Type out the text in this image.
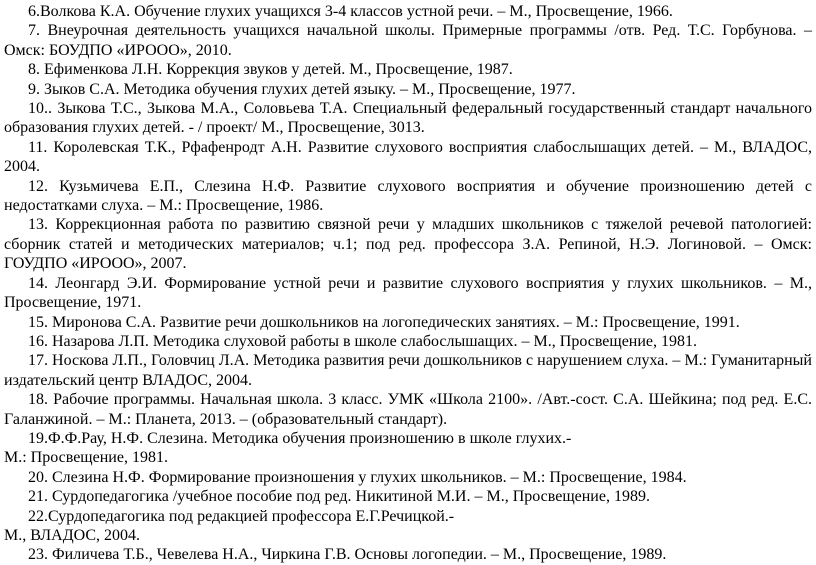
6.Волкова К.А. Обучение глухих учащихся 3-4 классов устной речи. – М., Просвещение, 1966.

7. Внеурочная деятельность учащихся начальной школы. Примерные программы /отв. Ред. Т.С. Горбунова. – Омск: БОУДПО «ИРООО», 2010.

8. Ефименкова Л.Н. Коррекция звуков у детей. М., Просвещение, 1987.

9. Зыков С.А. Методика обучения глухих детей языку. – М., Просвещение, 1977.

10.. Зыкова Т.С., Зыкова М.А., Соловьева Т.А. Специальный федеральный государственный стандарт начального образования глухих детей. - / проект/ М., Просвещение, 3013.

11. Королевская Т.К., Рфафенродт А.Н. Развитие слухового восприятия слабослышащих детей. – М., ВЛАДОС, 2004.

12. Кузьмичева Е.П., Слезина Н.Ф. Развитие слухового восприятия и обучение произношению детей с недостатками слуха. – М.: Просвещение, 1986.

13. Коррекционная работа по развитию связной речи у младших школьников с тяжелой речевой патологией: сборник статей и методических материалов; ч.1; под ред. профессора З.А. Репиной, Н.Э. Логиновой. – Омск: ГОУДПО «ИРООО», 2007.

14. Леонгард Э.И. Формирование устной речи и развитие слухового восприятия у глухих школьников. – М., Просвещение, 1971.

15. Миронова С.А. Развитие речи дошкольников на логопедических занятиях. – М.: Просвещение, 1991.

16. Назарова Л.П. Методика слуховой работы в школе слабослышащих. – М., Просвещение, 1981.

17. Носкова Л.П., Головчиц Л.А. Методика развития речи дошкольников с нарушением слуха. – М.: Гуманитарный издательский центр ВЛАДОС, 2004.

18. Рабочие программы. Начальная школа. 3 класс. УМК «Школа 2100». /Авт.-сост. С.А. Шейкина; под ред. Е.С. Галанжиной. – М.: Планета, 2013. – (образовательный стандарт).

19.Ф.Ф.Рау, Н.Ф. Слезина. Методика обучения произношению в школе глухих.-

М.: Просвещение, 1981.

20. Слезина Н.Ф. Формирование произношения у глухих школьников. – М.: Просвещение, 1984.

21. Сурдопедагогика /учебное пособие под ред. Никитиной М.И. – М., Просвещение, 1989.

22.Сурдопедагогика под редакцией профессора Е.Г.Речицкой.-

М., ВЛАДОС, 2004.

23. Филичева Т.Б., Чевелева Н.А., Чиркина Г.В. Основы логопедии. – М., Просвещение, 1989.
